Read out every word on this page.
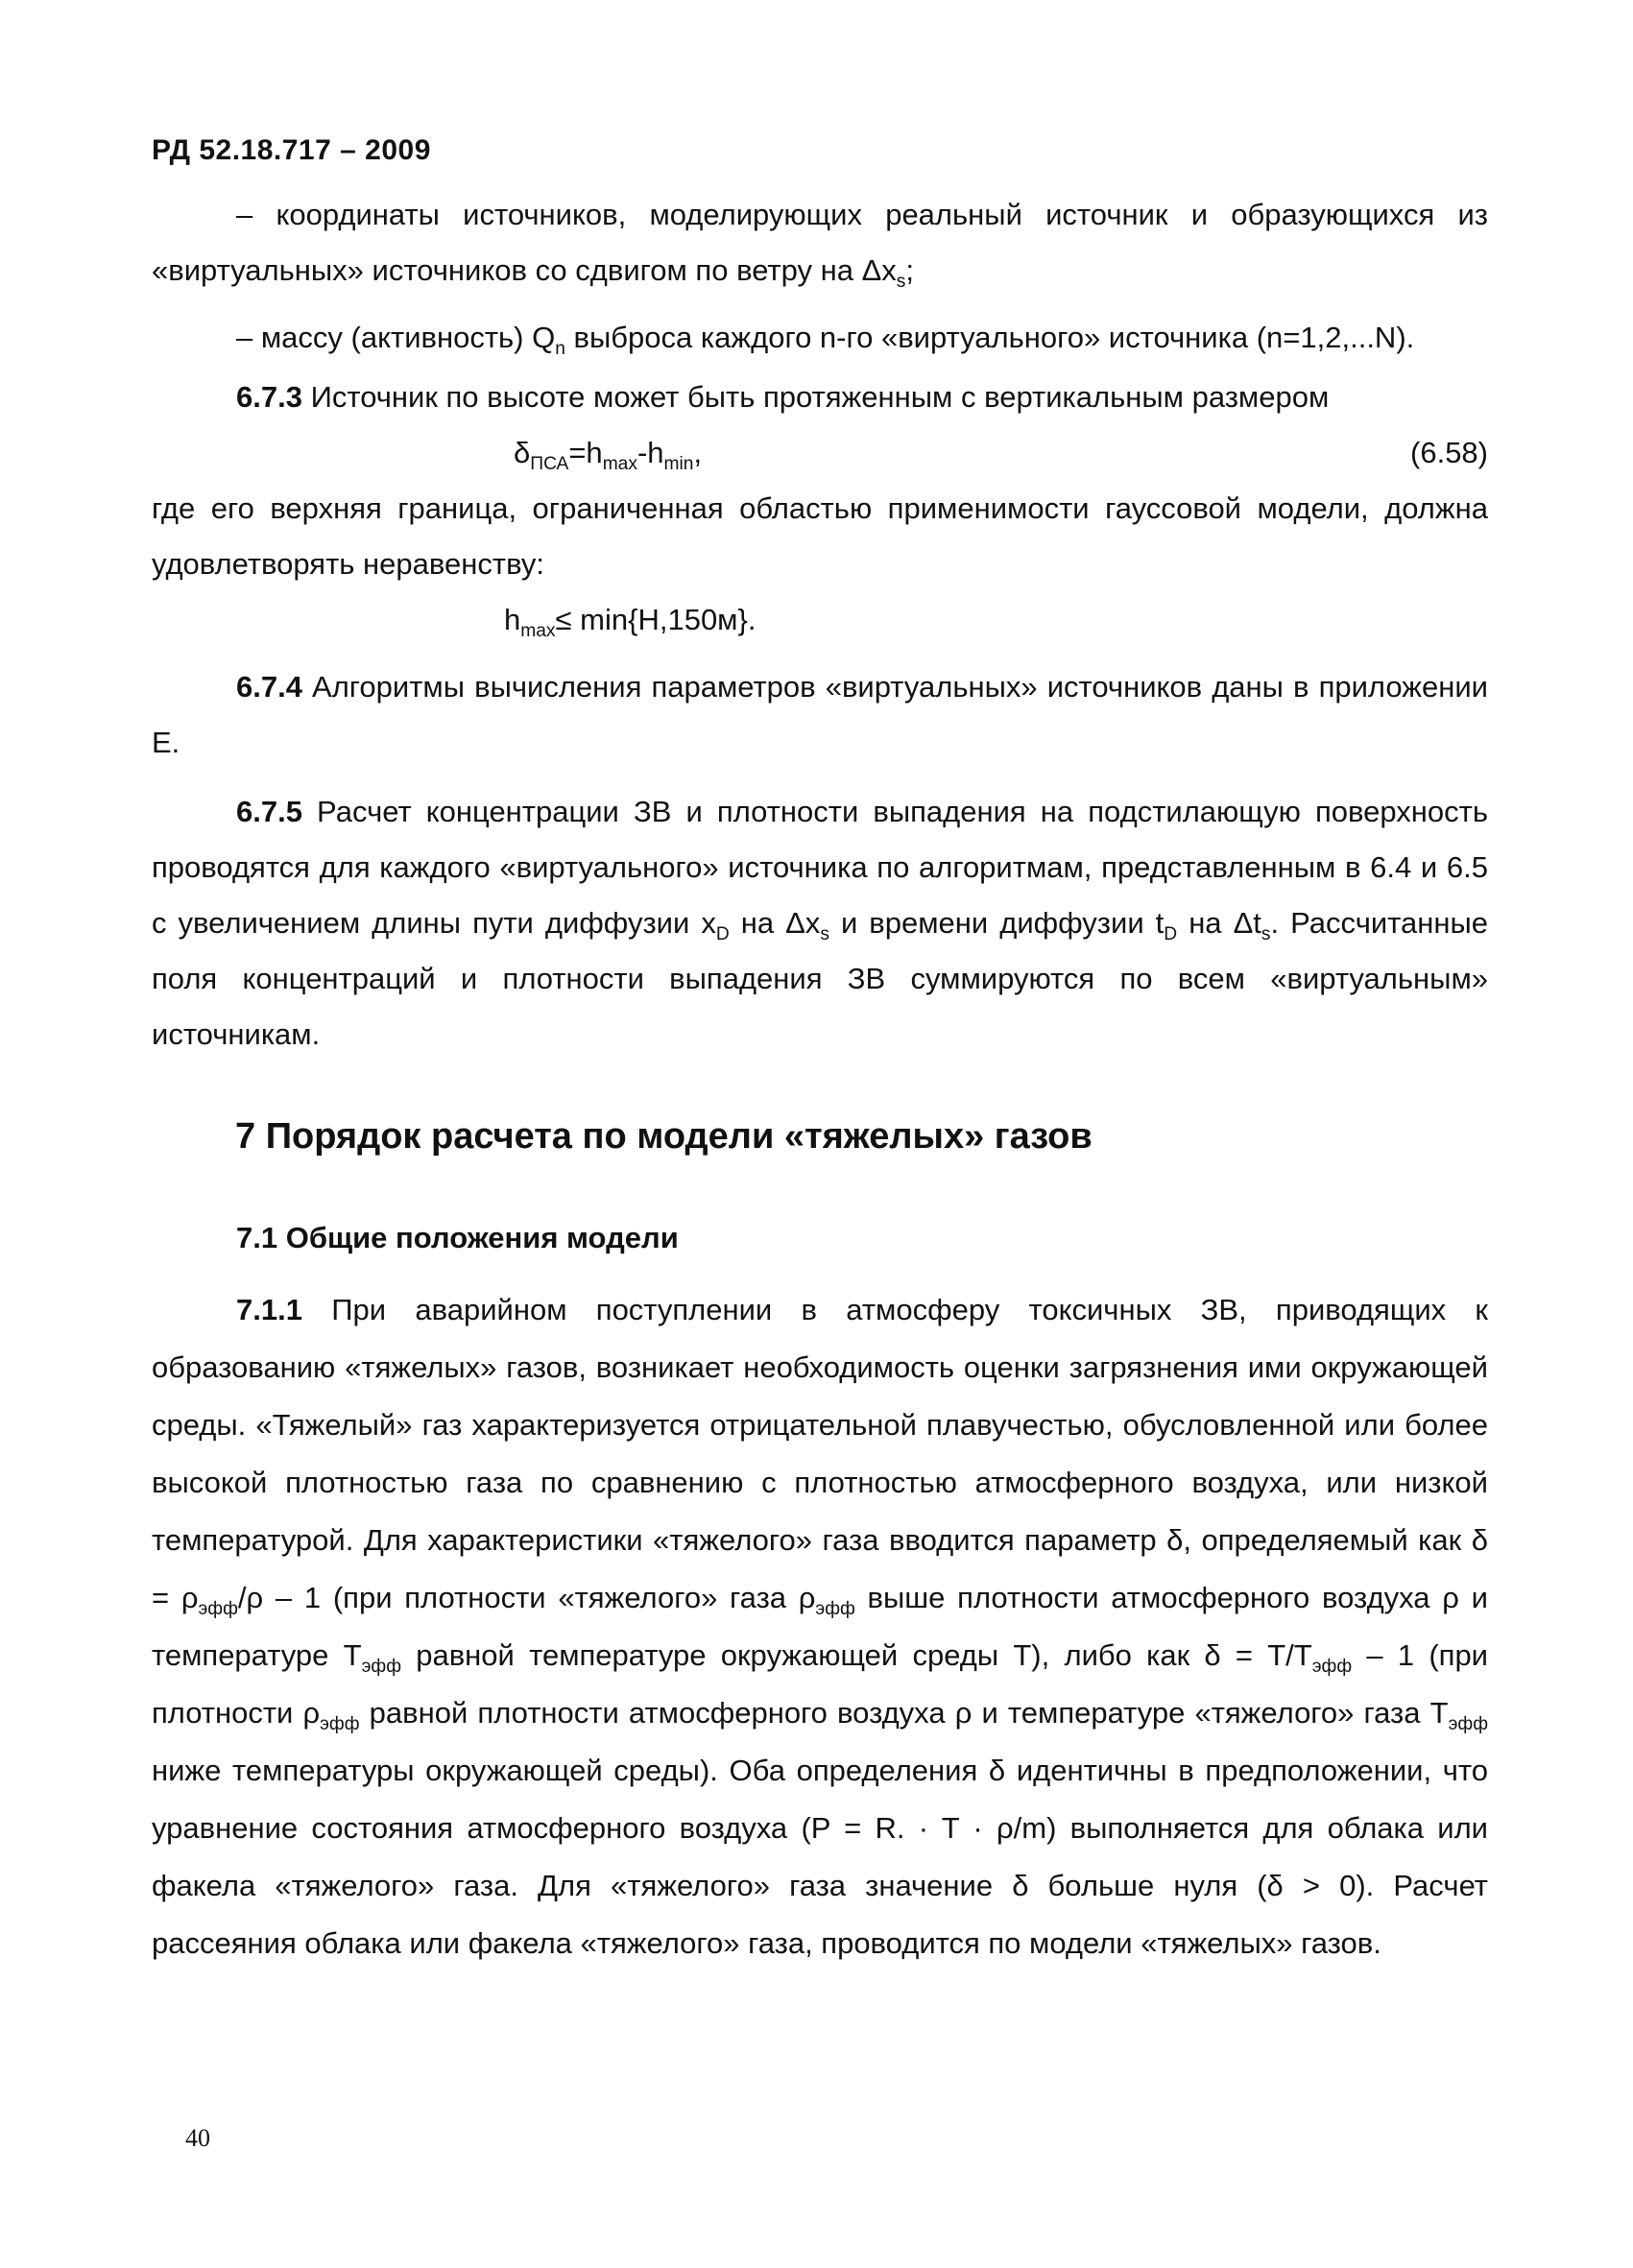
РД 52.18.717 – 2009

– координаты источников, моделирующих реальный источник и образующихся из «виртуальных» источников со сдвигом по ветру на $\Delta x_s$;

– массу (активность) $Q_n$ выброса каждого n-го «виртуального» источника (n=1,2,...N).

6.7.3 Источник по высоте может быть протяженным с вертикальным размером

$\delta_{ПСА}=h_{max}-h_{min}$,	(6.58)

где его верхняя граница, ограниченная областью применимости гауссовой модели, должна удовлетворять неравенству:

$h_{max}\le \min\{H,150м\}$.

6.7.4 Алгоритмы вычисления параметров «виртуальных» источников даны в приложении Е.

6.7.5 Расчет концентрации ЗВ и плотности выпадения на подстилающую поверхность проводятся для каждого «виртуального» источника по алгоритмам, представленным в 6.4 и 6.5 с увеличением длины пути диффузии $x_D$ на $\Delta x_s$ и времени диффузии $t_D$ на $\Delta t_s$. Рассчитанные поля концентраций и плотности выпадения ЗВ суммируются по всем «виртуальным» источникам.

7 Порядок расчета по модели «тяжелых» газов
7.1 Общие положения модели

7.1.1 При аварийном поступлении в атмосферу токсичных ЗВ, приводящих к образованию «тяжелых» газов, возникает необходимость оценки загрязнения ими окружающей среды. «Тяжелый» газ характеризуется отрицательной плавучестью, обусловленной или более высокой плотностью газа по сравнению с плотностью атмосферного воздуха, или низкой температурой. Для характеристики «тяжелого» газа вводится параметр δ, определяемый как $\delta = \rho_{эфф}/\rho - 1$ (при плотности «тяжелого» газа $\rho_{эфф}$ выше плотности атмосферного воздуха ρ и температуре $T_{эфф}$ равной температуре окружающей среды T), либо как $\delta = T/T_{эфф} - 1$ (при плотности $\rho_{эфф}$ равной плотности атмосферного воздуха ρ и температуре «тяжелого» газа $T_{эфф}$ ниже температуры окружающей среды). Оба определения δ идентичны в предположении, что уравнение состояния атмосферного воздуха (P = R. · T · ρ/m) выполняется для облака или факела «тяжелого» газа. Для «тяжелого» газа значение δ больше нуля (δ > 0). Расчет рассеяния облака или факела «тяжелого» газа, проводится по модели «тяжелых» газов.

40
